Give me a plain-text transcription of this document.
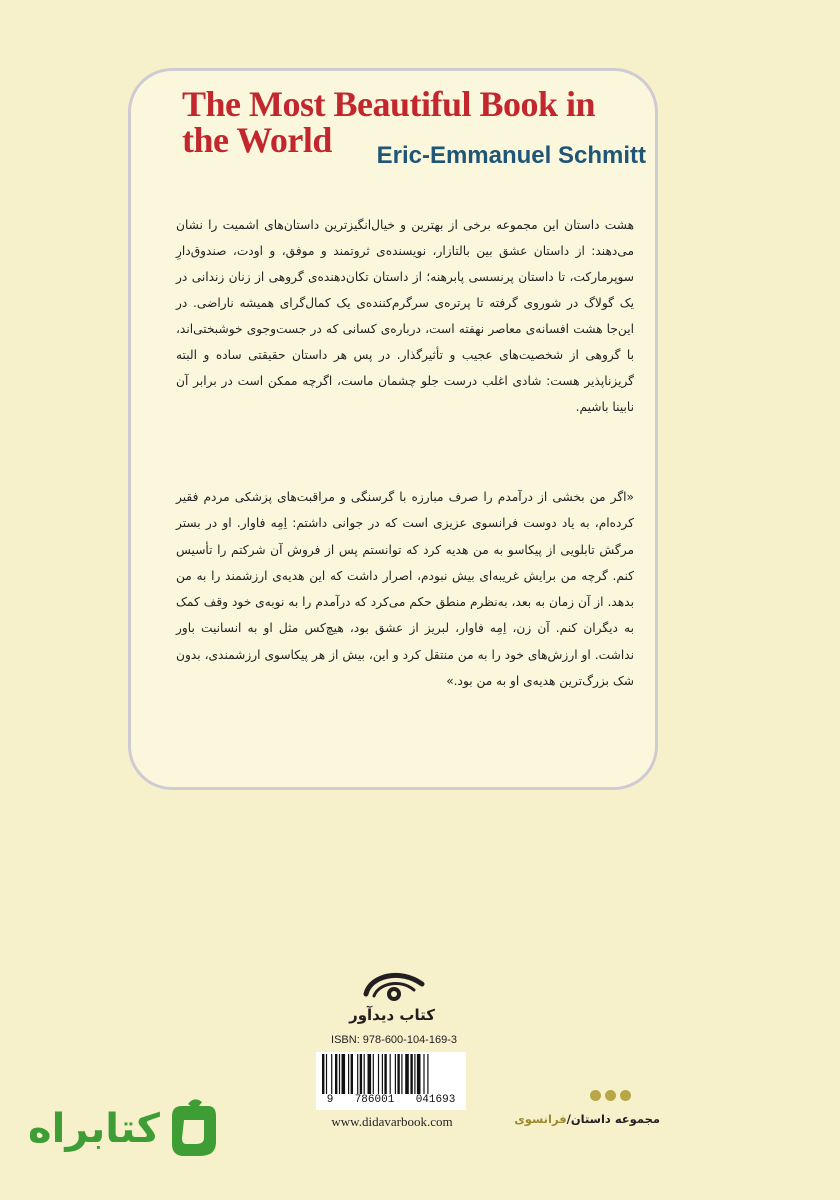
The Most Beautiful Book in the World	Eric-Emmanuel Schmitt

هشت داستان این مجموعه برخی از بهترین و خیال‌انگیزترین داستان‌های اشمیت را نشان می‌دهند: از داستان عشق بین بالتازار، نویسنده‌ی ثروتمند و موفق، و اودت، صندوق‌دارِ سوپرمارکت، تا داستان پرنسسی پابرهنه؛ از داستان تکان‌دهنده‌ی گروهی از زنان زندانی در یک گولاگ در شوروی گرفته تا پرتره‌ی سرگرم‌کننده‌ی یک کمال‌گرای همیشه ناراضی. در این‌جا هشت افسانه‌ی معاصر نهفته است، درباره‌ی کسانی که در جست‌وجوی خوشبختی‌اند، با گروهی از شخصیت‌های عجیب و تأثیرگذار. در پس هر داستان حقیقتی ساده و البته گریزناپذیر هست: شادی اغلب درست جلو چشمان ماست، اگرچه ممکن است در برابر آن نابینا باشیم.

«اگر من بخشی از درآمدم را صرف مبارزه با گرسنگی و مراقبت‌های پزشکی مردم فقیر کرده‌ام، به یاد دوست فرانسوی عزیزی است که در جوانی داشتم: اِمِه فاوار. او در بستر مرگش تابلویی از پیکاسو به من هدیه کرد که توانستم پس از فروش آن شرکتم را تأسیس کنم. گرچه من برایش غریبه‌ای بیش نبودم، اصرار داشت که این هدیه‌ی ارزشمند را به من بدهد. از آن زمان به بعد، به‌نظرم منطق حکم می‌کرد که درآمدم را به نوبه‌ی خود وقف کمک به دیگران کنم. آن زن، اِمِه فاوار، لبریز از عشق بود، هیچ‌کس مثل او به انسانیت باور نداشت. او ارزش‌های خود را به من منتقل کرد و این، بیش از هر پیکاسوی ارزشمندی، بدون شک بزرگ‌ترین هدیه‌ی او به من بود.»

کتاب دیدآور
ISBN: 978-600-104-169-3
9 786001 041693
www.didavarbook.com	مجموعه داستان/فرانسوی
کتابراه
